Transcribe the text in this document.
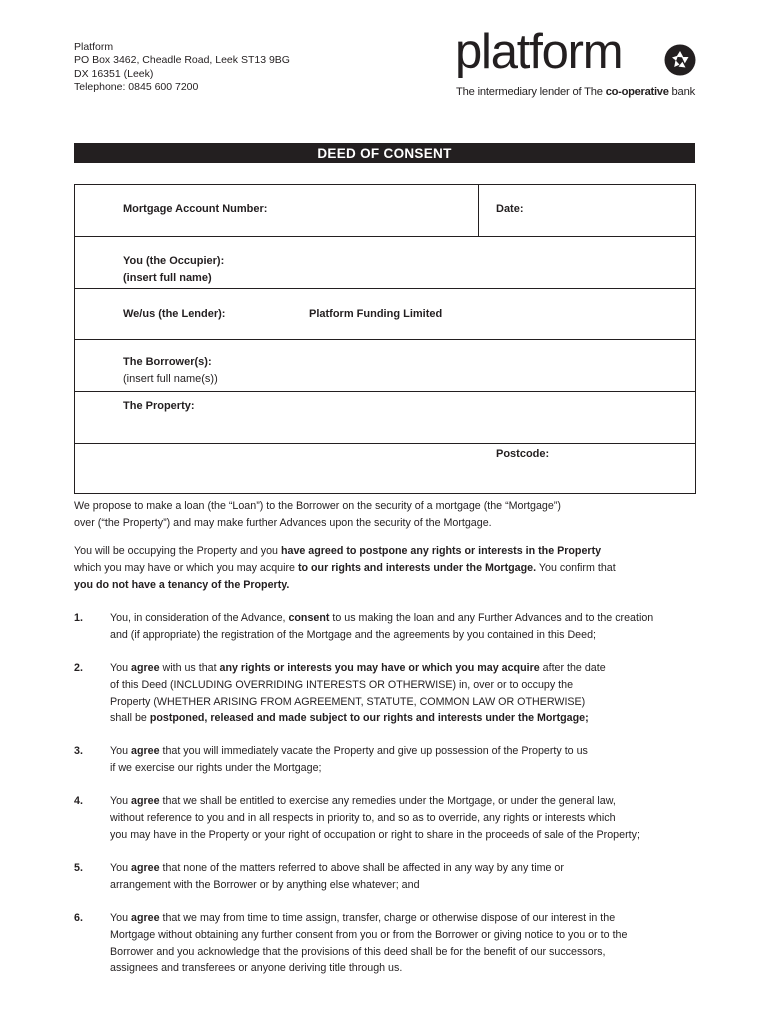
Platform
PO Box 3462, Cheadle Road, Leek ST13 9BG
DX 16351 (Leek)
Telephone: 0845 600 7200
platform
The intermediary lender of The co-operative bank
DEED OF CONSENT
Mortgage Account Number:	Date:
You (the Occupier):
(insert full name)
We/us (the Lender):	Platform Funding Limited
The Borrower(s):
(insert full name(s))
The Property:
Postcode:
We propose to make a loan (the “Loan”) to the Borrower on the security of a mortgage (the “Mortgage”)
over (“the Property”) and may make further Advances upon the security of the Mortgage.
You will be occupying the Property and you have agreed to postpone any rights or interests in the Property
which you may have or which you may acquire to our rights and interests under the Mortgage. You confirm that
you do not have a tenancy of the Property.
1.	You, in consideration of the Advance, consent to us making the loan and any Further Advances and to the creation
and (if appropriate) the registration of the Mortgage and the agreements by you contained in this Deed;
2.	You agree with us that any rights or interests you may have or which you may acquire after the date
of this Deed (INCLUDING OVERRIDING INTERESTS OR OTHERWISE) in, over or to occupy the
Property (WHETHER ARISING FROM AGREEMENT, STATUTE, COMMON LAW OR OTHERWISE)
shall be postponed, released and made subject to our rights and interests under the Mortgage;
3.	You agree that you will immediately vacate the Property and give up possession of the Property to us
if we exercise our rights under the Mortgage;
4.	You agree that we shall be entitled to exercise any remedies under the Mortgage, or under the general law,
without reference to you and in all respects in priority to, and so as to override, any rights or interests which
you may have in the Property or your right of occupation or right to share in the proceeds of sale of the Property;
5.	You agree that none of the matters referred to above shall be affected in any way by any time or
arrangement with the Borrower or by anything else whatever; and
6.	You agree that we may from time to time assign, transfer, charge or otherwise dispose of our interest in the
Mortgage without obtaining any further consent from you or from the Borrower or giving notice to you or to the
Borrower and you acknowledge that the provisions of this deed shall be for the benefit of our successors,
assignees and transferees or anyone deriving title through us.
